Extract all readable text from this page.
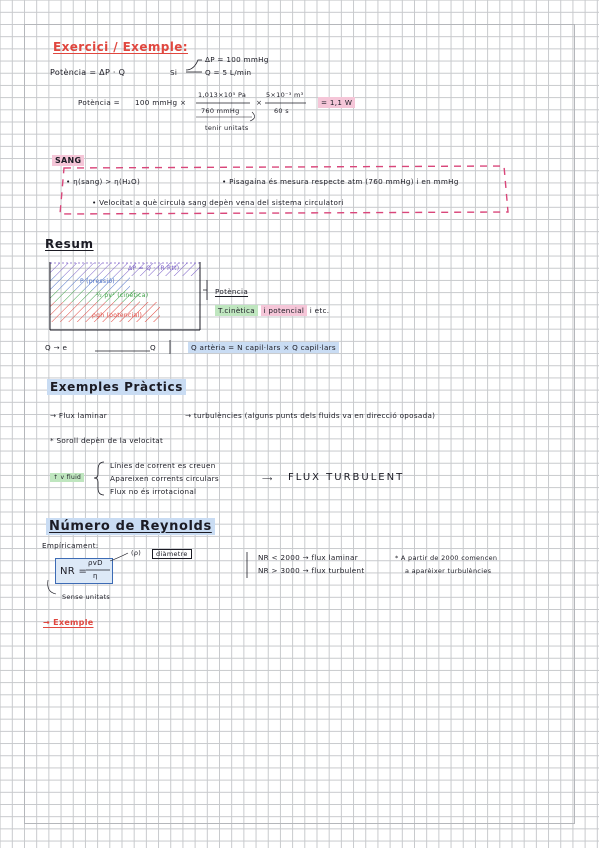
Exercici / Exemple:
Potència = ΔP · Q	Si
ΔP = 100 mmHg
Q = 5 L/min
Potència = 100 mmHg ×
1,013×10⁵ Pa
760 mmHg
×
5×10⁻³ m³
60 s
= 1,1 W
tenir unitats
SANG
• η(sang) > η(H₂O)	• Pisagaina és mesura respecte atm (760 mmHg) i en mmHg
• Velocitat a què circula sang depèn vena del sistema circulatori
Resum
ΔP = Q · (R Rtt)
P (pressió)
½ ρv² (cinètica)
ρgh (potencial)
Potència
T.cinètica i potencial i etc.
Q → e	Q	Q artèria = N capil·lars × Q capil·lars
Exemples Pràctics
→ Flux laminar	→ turbulències (alguns punts dels fluids va en direcció oposada)
* Soroll depèn de la velocitat
↑ v fluid
Línies de corrent es creuen
Apareixen corrents circulars
Flux no és irrotacional
⟶ FLUX TURBULENT
Número de Reynolds
Empíricament:
(ρ)	diàmetre
NR =
ρvD
η
NR < 2000 → flux laminar
NR > 3000 → flux turbulent
* A partir de 2000 comencen
a aparèixer turbulències
Sense unitats
→ Exemple
